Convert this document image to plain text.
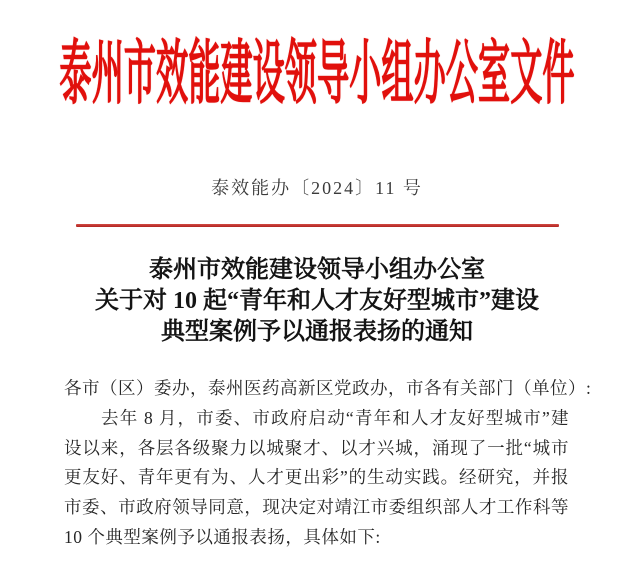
泰州市效能建设领导小组办公室文件
泰效能办〔2024〕11 号
泰州市效能建设领导小组办公室
关于对 10 起“青年和人才友好型城市”建设
典型案例予以通报表扬的通知
各市（区）委办，泰州医药高新区党政办，市各有关部门（单位）:
去年 8 月，市委、市政府启动“青年和人才友好型城市”建
设以来，各层各级聚力以城聚才、以才兴城，涌现了一批“城市
更友好、青年更有为、人才更出彩”的生动实践。经研究，并报
市委、市政府领导同意，现决定对靖江市委组织部人才工作科等
10 个典型案例予以通报表扬，具体如下:
